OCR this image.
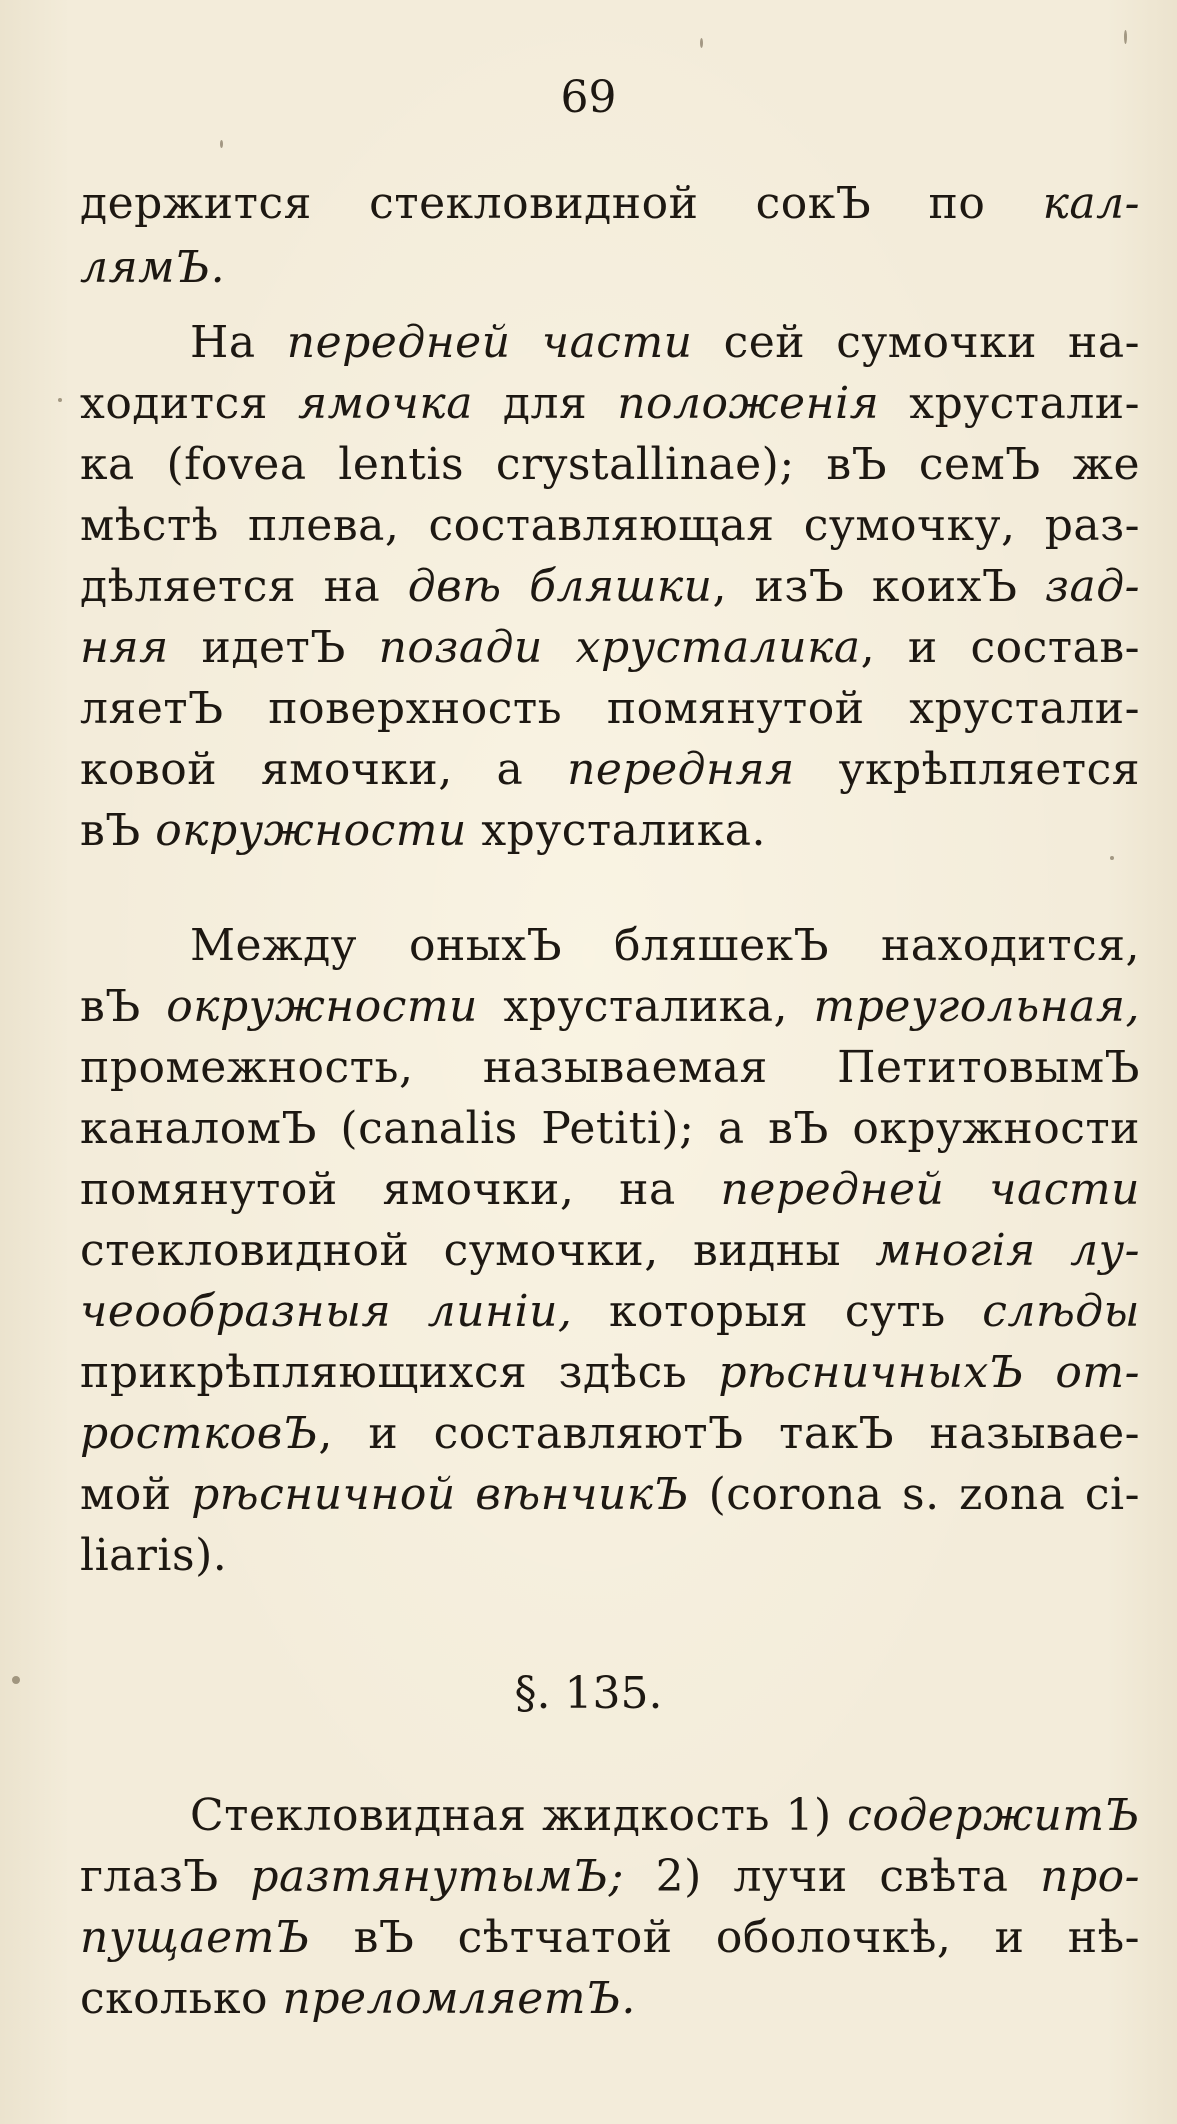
69
держится стекловидной сокЪ по кал-
лямЪ.
На передней части сей сумочки на-
ходится ямочка для положенія хрустали-
ка (fovea lentis crystallinae); вЪ семЪ же
мѣстѣ плева, составляющая сумочку, раз-
дѣляется на двѣ бляшки, изЪ коихЪ зад-
няя идетЪ позади хрусталика, и состав-
ляетЪ поверхность помянутой хрустали-
ковой ямочки, а передняя укрѣпляется
вЪ окружности хрусталика.
Между оныхЪ бляшекЪ находится,
вЪ окружности хрусталика, треугольная,
промежность, называемая ПетитовымЪ
каналомЪ (canalis Petiti); а вЪ окружности
помянутой ямочки, на передней части
стекловидной сумочки, видны многія лу-
чеообразныя линіи, которыя суть слѣды
прикрѣпляющихся здѣсь рѣсничныхЪ от-
ростковЪ, и составляютЪ такЪ называе-
мой рѣсничной вѣнчикЪ (corona s. zona ci-
liaris).
§. 135.
Стекловидная жидкость 1) содержитЪ
глазЪ разтянутымЪ; 2) лучи свѣта про-
пущаетЪ вЪ сѣтчатой оболочкѣ, и нѣ-
сколько преломляетЪ.
